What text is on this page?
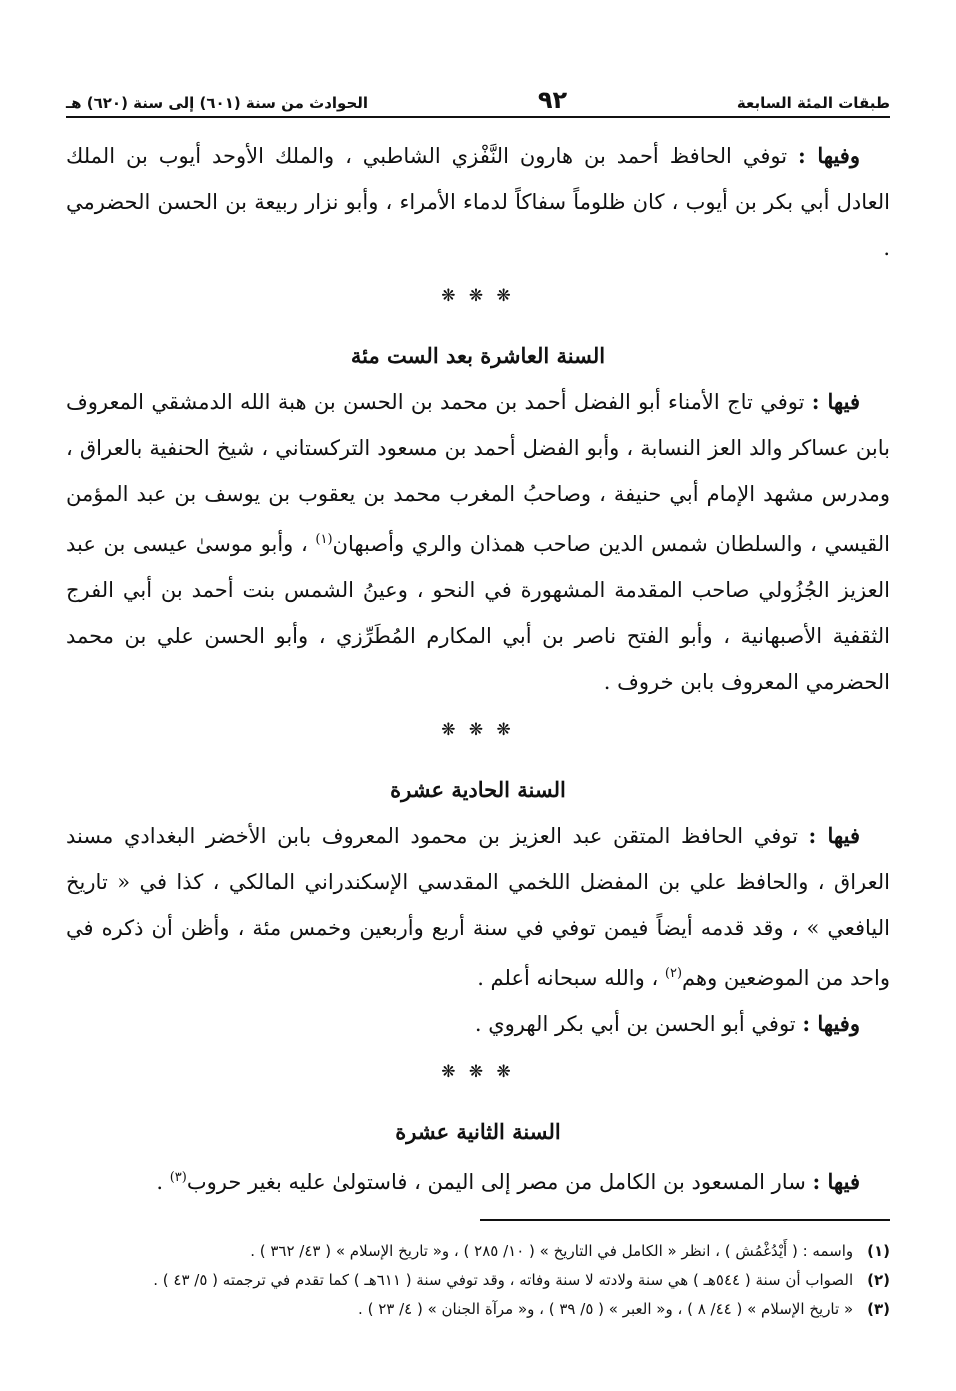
طبقات المئة السابعة
٩٢
الحوادث من سنة (٦٠١) إلى سنة (٦٢٠) هـ

وفيها : توفي الحافظ أحمد بن هارون النَّفْزي الشاطبي ، والملك الأوحد أيوب بن الملك العادل أبي بكر بن أيوب ، كان ظلوماً سفاكاً لدماء الأمراء ، وأبو نزار ربيعة بن الحسن الحضرمي .

❋ ❋ ❋
السنة العاشرة بعد الست مئة

فيها : توفي تاج الأمناء أبو الفضل أحمد بن محمد بن الحسن بن هبة الله الدمشقي المعروف بابن عساكر والد العز النسابة ، وأبو الفضل أحمد بن مسعود التركستاني ، شيخ الحنفية بالعراق ، ومدرس مشهد الإمام أبي حنيفة ، وصاحبُ المغرب محمد بن يعقوب بن يوسف بن عبد المؤمن القيسي ، والسلطان شمس الدين صاحب همذان والري وأصبهان$^{(١)}$ ، وأبو موسىٰ عيسى بن عبد العزيز الجُزُولي صاحب المقدمة المشهورة في النحو ، وعينُ الشمس بنت أحمد بن أبي الفرج الثقفية الأصبهانية ، وأبو الفتح ناصر بن أبي المكارم المُطَرِّزي ، وأبو الحسن علي بن محمد الحضرمي المعروف بابن خروف .

❋ ❋ ❋
السنة الحادية عشرة

فيها : توفي الحافظ المتقن عبد العزيز بن محمود المعروف بابن الأخضر البغدادي مسند العراق ، والحافظ علي بن المفضل اللخمي المقدسي الإسكندراني المالكي ، كذا في « تاريخ اليافعي » ، وقد قدمه أيضاً فيمن توفي في سنة أربع وأربعين وخمس مئة ، وأظن أن ذكره في واحد من الموضعين وهم$^{(٢)}$ ، والله سبحانه أعلم .

وفيها : توفي أبو الحسن بن أبي بكر الهروي .

❋ ❋ ❋
السنة الثانية عشرة

فيها : سار المسعود بن الكامل من مصر إلى اليمن ، فاستولىٰ عليه بغير حروب$^{(٣)}$ .

(١)
واسمه : ( أَيْدُغْمُش ) ، انظر « الكامل في التاريخ » ( ١٠/ ٢٨٥ ) ، و« تاريخ الإسلام » ( ٤٣/ ٣٦٢ ) .
(٢)
الصواب أن سنة ( ٥٤٤هـ ) هي سنة ولادته لا سنة وفاته ، وقد توفي سنة ( ٦١١هـ ) كما تقدم في ترجمته ( ٥/ ٤٣ ) .
(٣)
« تاريخ الإسلام » ( ٤٤/ ٨ ) ، و« العبر » ( ٥/ ٣٩ ) ، و« مرآة الجنان » ( ٤/ ٢٣ ) .
